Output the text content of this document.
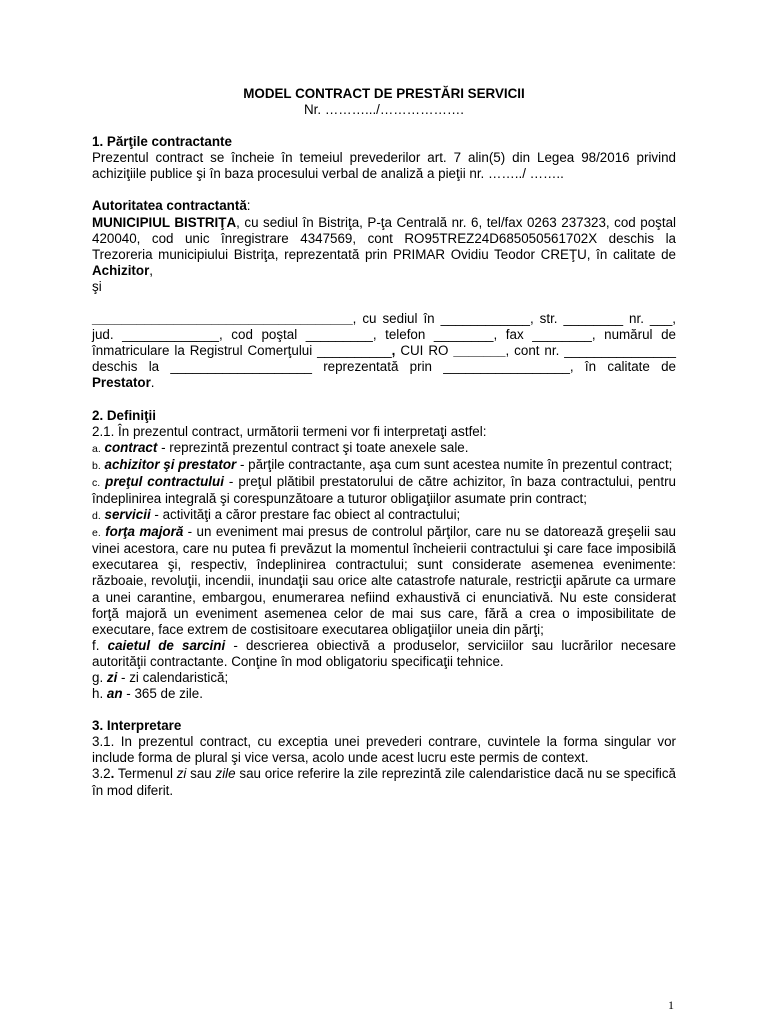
MODEL CONTRACT DE PRESTĂRI SERVICII
Nr. ……….../……………….
1. Părţile contractante
Prezentul contract se încheie în temeiul prevederilor art. 7 alin(5) din Legea 98/2016 privind achiziţiile publice şi în baza procesului verbal de analiză a pieţii nr. ……../ ……..
Autoritatea contractantă:
MUNICIPIUL BISTRIŢA, cu sediul în Bistriţa, P-ţa Centrală nr. 6, tel/fax 0263 237323, cod poştal 420040, cod unic înregistrare 4347569, cont RO95TREZ24D685050561702X deschis la Trezoreria municipiului Bistriţa, reprezentată prin PRIMAR Ovidiu Teodor CREŢU, în calitate de Achizitor,
şi
___________________________________, cu sediul în ____________, str. ________ nr. ___, jud. _____________, cod poştal _________, telefon ________, fax ________, numărul de înmatriculare la Registrul Comerţului __________, CUI RO _______, cont nr. _______________ deschis la ___________________ reprezentată prin _________________, în calitate de Prestator.
2. Definiţii
2.1. În prezentul contract, următorii termeni vor fi interpretaţi astfel:
a. contract - reprezintă prezentul contract şi toate anexele sale.
b. achizitor şi prestator - părţile contractante, aşa cum sunt acestea numite în prezentul contract;
c. preţul contractului - preţul plătibil prestatorului de către achizitor, în baza contractului, pentru îndeplinirea integrală şi corespunzătoare a tuturor obligaţiilor asumate prin contract;
d. servicii - activităţi a căror prestare fac obiect al contractului;
e. forţa majoră - un eveniment mai presus de controlul părţilor, care nu se datorează greşelii sau vinei acestora, care nu putea fi prevăzut la momentul încheierii contractului şi care face imposibilă executarea şi, respectiv, îndeplinirea contractului; sunt considerate asemenea evenimente: războaie, revoluţii, incendii, inundaţii sau orice alte catastrofe naturale, restricţii apărute ca urmare a unei carantine, embargou, enumerarea nefiind exhaustivă ci enunciativă. Nu este considerat forţă majoră un eveniment asemenea celor de mai sus care, fără a crea o imposibilitate de executare, face extrem de costisitoare executarea obligaţiilor uneia din părţi;
f. caietul de sarcini - descrierea obiectivă a produselor, serviciilor sau lucrărilor necesare autorităţii contractante. Conţine în mod obligatoriu specificaţii tehnice.
g. zi - zi calendaristică;
h. an - 365 de zile.
3. Interpretare
3.1. In prezentul contract, cu exceptia unei prevederi contrare, cuvintele la forma singular vor include forma de plural şi vice versa, acolo unde acest lucru este permis de context.
3.2. Termenul zi sau zile sau orice referire la zile reprezintă zile calendaristice dacă nu se specifică în mod diferit.
1
